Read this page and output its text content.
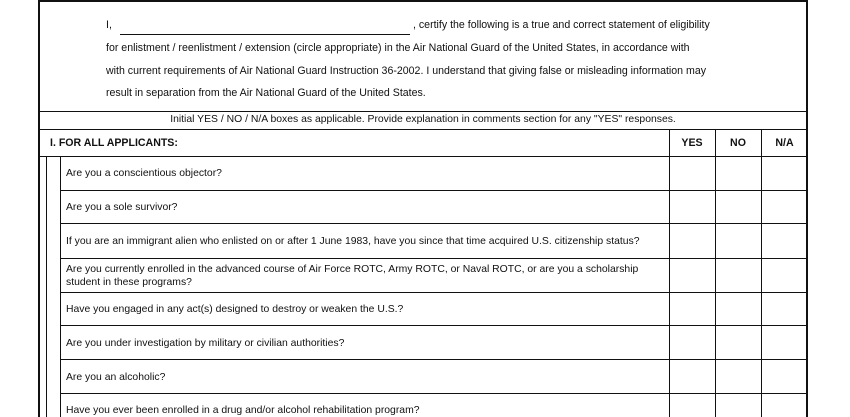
I,	, certify the following is a true and correct statement of eligibility
for enlistment / reenlistment / extension (circle appropriate) in the Air National Guard of the United States, in accordance with
with current requirements of Air National Guard Instruction 36-2002. I understand that giving false or misleading information may
result in separation from the Air National Guard of the United States.
Initial YES / NO / N/A boxes as applicable. Provide explanation in comments section for any "YES" responses.
I. FOR ALL APPLICANTS:	YES	NO	N/A
Are you a conscientious objector?
Are you a sole survivor?
If you are an immigrant alien who enlisted on or after 1 June 1983, have you since that time acquired U.S. citizenship status?
Are you currently enrolled in the advanced course of Air Force ROTC, Army ROTC, or Naval ROTC, or are you a scholarship student in these programs?
Have you engaged in any act(s) designed to destroy or weaken the U.S.?
Are you under investigation by military or civilian authorities?
Are you an alcoholic?
Have you ever been enrolled in a drug and/or alcohol rehabilitation program?
